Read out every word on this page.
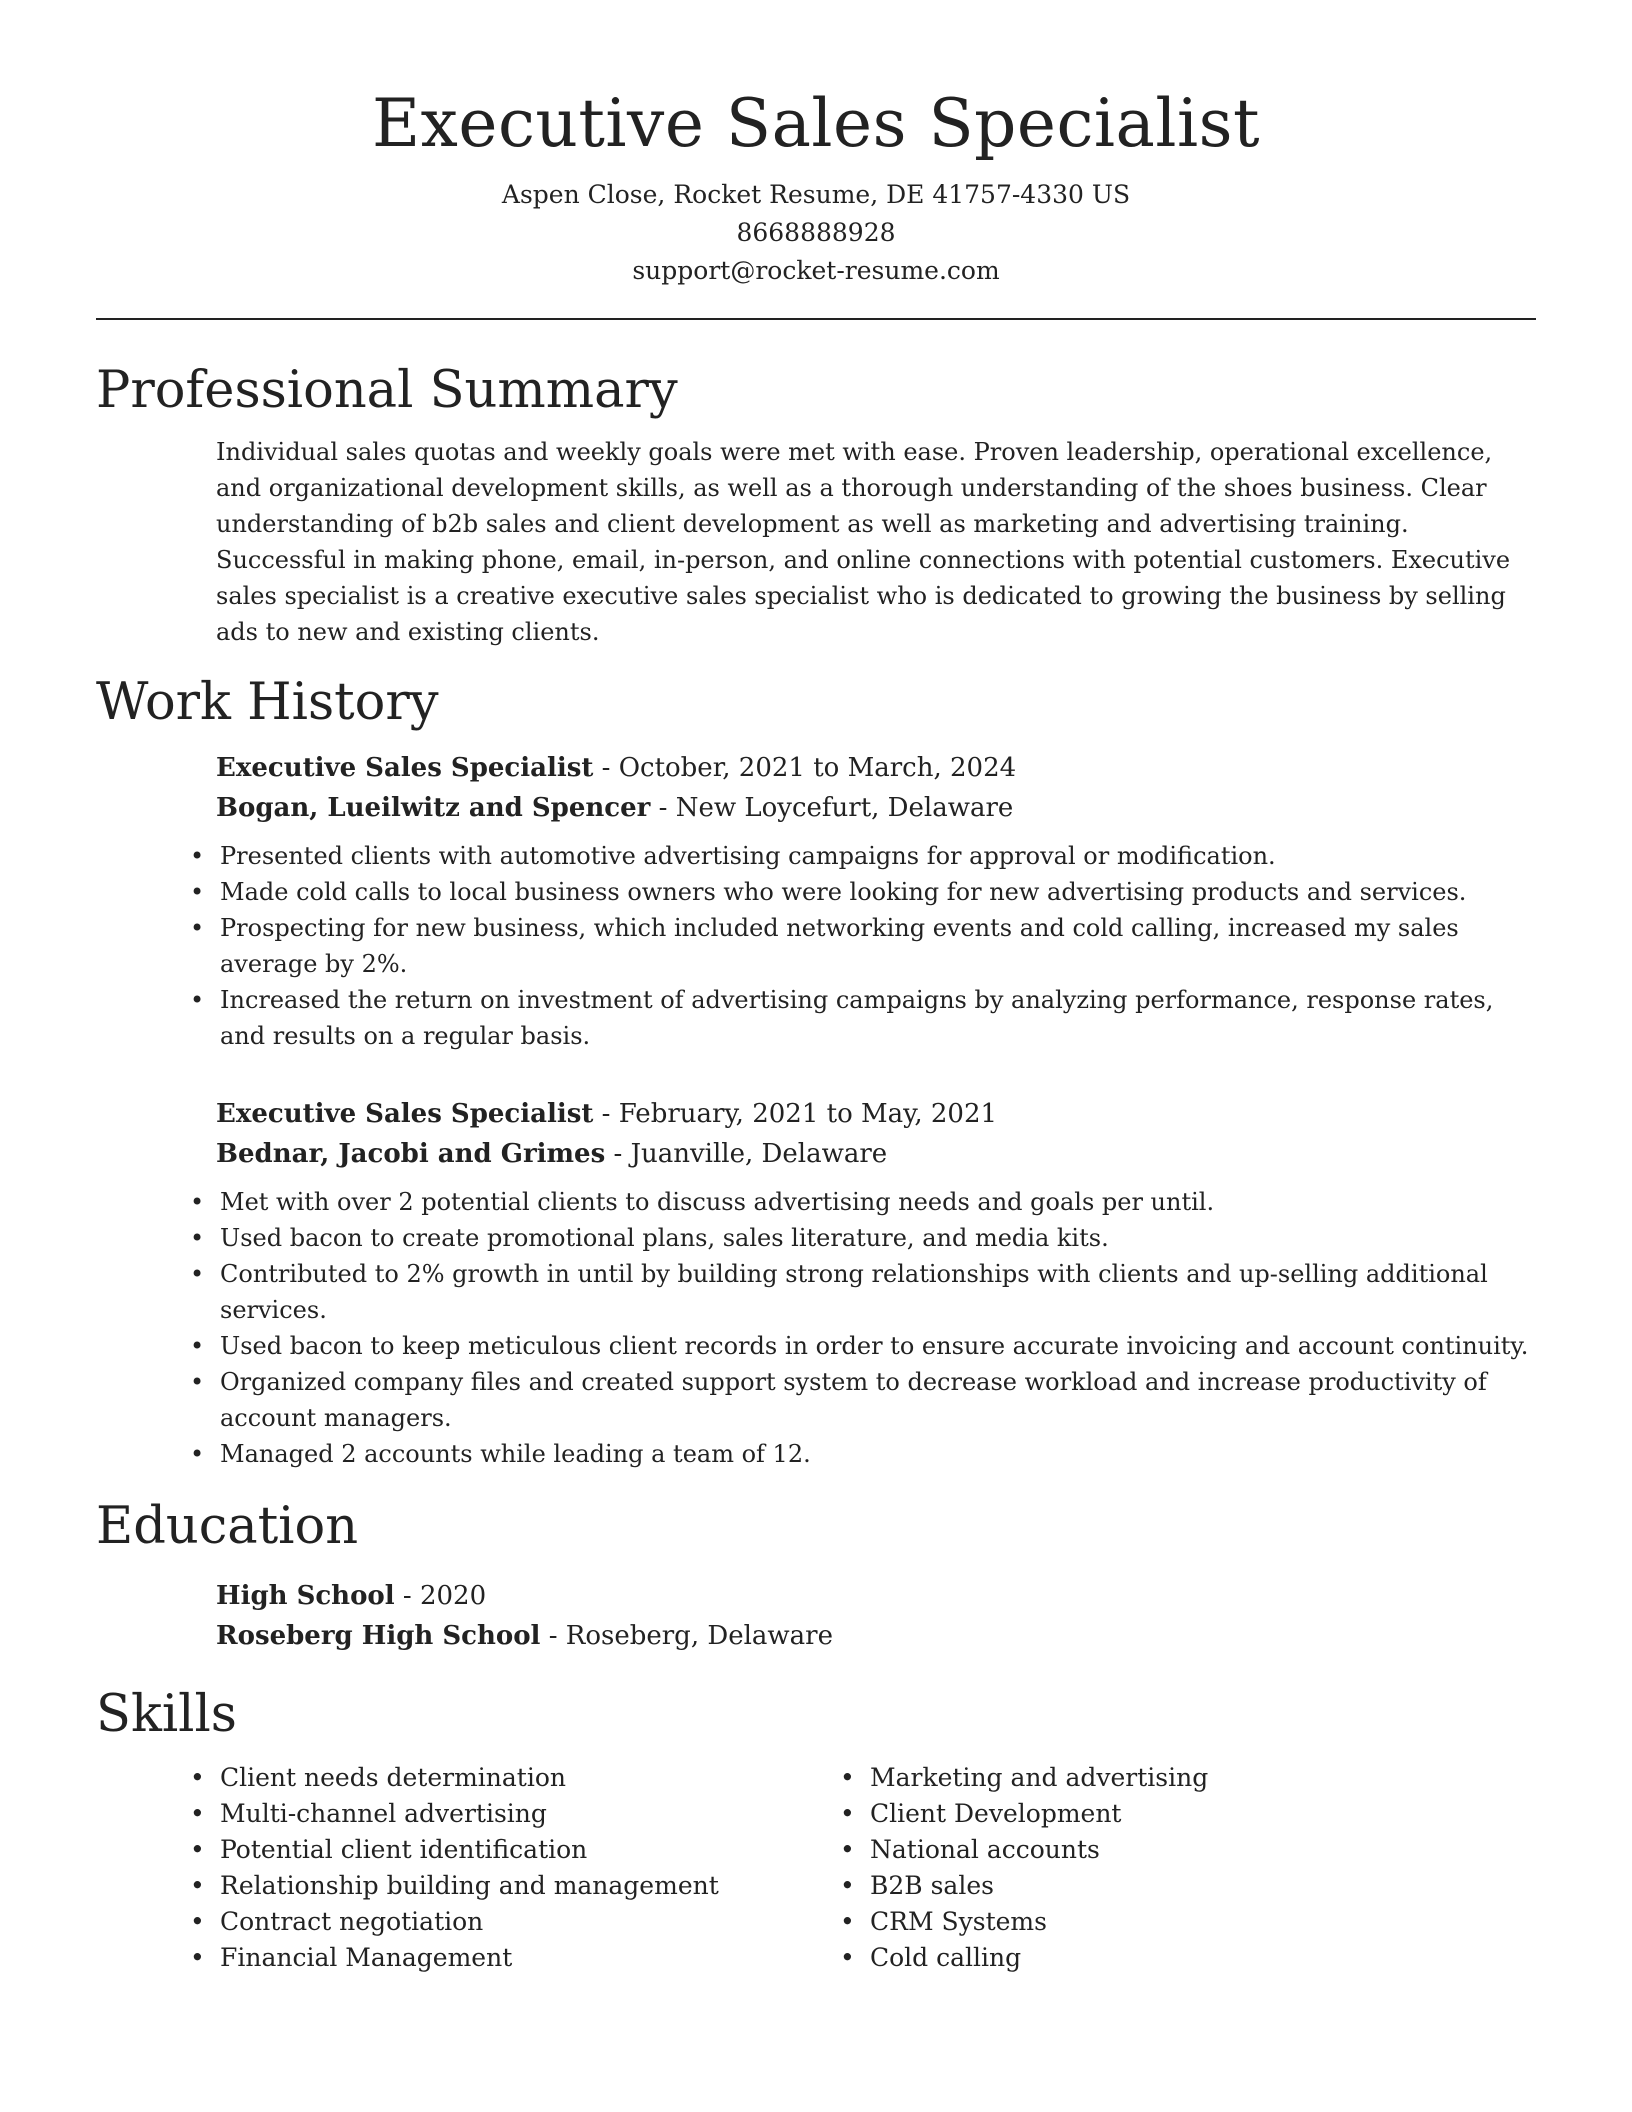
Executive Sales Specialist
Aspen Close, Rocket Resume, DE 41757-4330 US
8668888928
support@rocket-resume.com
Professional Summary
Individual sales quotas and weekly goals were met with ease. Proven leadership, operational excellence, and organizational development skills, as well as a thorough understanding of the shoes business. Clear understanding of b2b sales and client development as well as marketing and advertising training. Successful in making phone, email, in-person, and online connections with potential customers. Executive sales specialist is a creative executive sales specialist who is dedicated to growing the business by selling ads to new and existing clients.
Work History
Executive Sales Specialist - October, 2021 to March, 2024
Bogan, Lueilwitz and Spencer - New Loycefurt, Delaware
• Presented clients with automotive advertising campaigns for approval or modification.
• Made cold calls to local business owners who were looking for new advertising products and services.
• Prospecting for new business, which included networking events and cold calling, increased my sales average by 2%.
• Increased the return on investment of advertising campaigns by analyzing performance, response rates, and results on a regular basis.
Executive Sales Specialist - February, 2021 to May, 2021
Bednar, Jacobi and Grimes - Juanville, Delaware
• Met with over 2 potential clients to discuss advertising needs and goals per until.
• Used bacon to create promotional plans, sales literature, and media kits.
• Contributed to 2% growth in until by building strong relationships with clients and up-selling additional services.
• Used bacon to keep meticulous client records in order to ensure accurate invoicing and account continuity.
• Organized company files and created support system to decrease workload and increase productivity of account managers.
• Managed 2 accounts while leading a team of 12.
Education
High School - 2020
Roseberg High School - Roseberg, Delaware
Skills
• Client needs determination
• Multi-channel advertising
• Potential client identification
• Relationship building and management
• Contract negotiation
• Financial Management
• Marketing and advertising
• Client Development
• National accounts
• B2B sales
• CRM Systems
• Cold calling
